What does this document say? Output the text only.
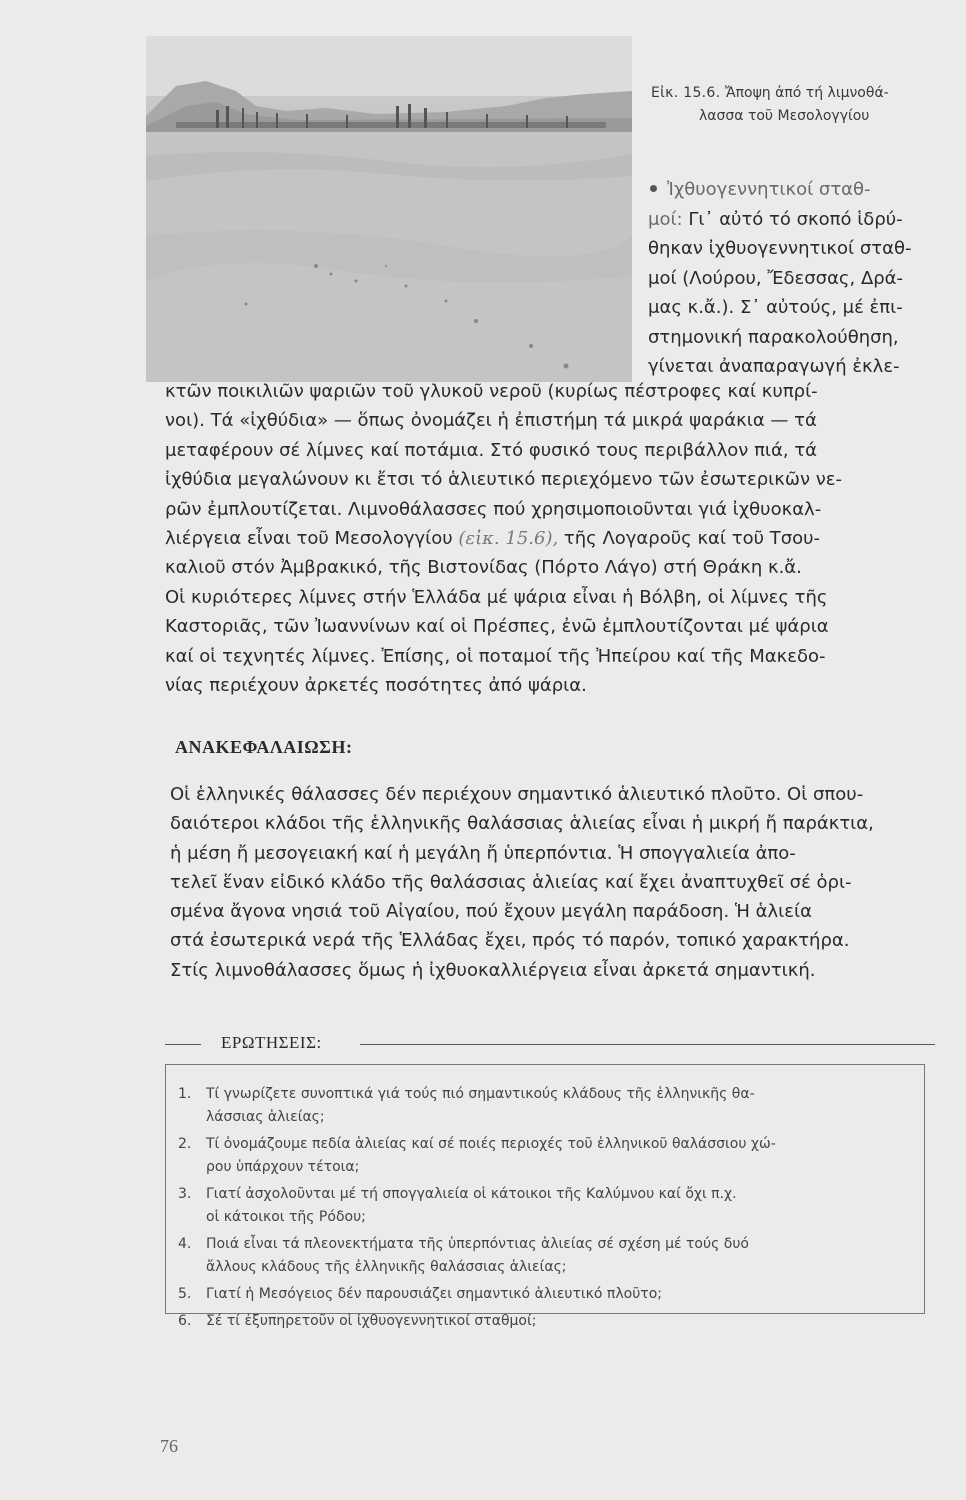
Εἰκ. 15.6. Ἄποψη ἀπό τή λιμνοθά-
λασσα τοῦ Μεσολογγίου
Ἰχθυογεννητικοί σταθ-
μοί: Γι᾽ αὐτό τό σκοπό ἱδρύ-
θηκαν ἰχθυογεννητικοί σταθ-
μοί (Λούρου, Ἔδεσσας, Δρά-
μας κ.ἄ.). Σ᾽ αὐτούς, μέ ἐπι-
στημονική παρακολούθηση,
γίνεται ἀναπαραγωγή ἐκλε-

κτῶν ποικιλιῶν ψαριῶν τοῦ γλυκοῦ νεροῦ (κυρίως πέστροφες καί κυπρί-

νοι). Τά «ἰχθύδια» — ὅπως ὀνομάζει ἡ ἐπιστήμη τά μικρά ψαράκια — τά

μεταφέρουν σέ λίμνες καί ποτάμια. Στό φυσικό τους περιβάλλον πιά, τά

ἰχθύδια μεγαλώνουν κι ἔτσι τό ἁλιευτικό περιεχόμενο τῶν ἐσωτερικῶν νε-

ρῶν ἐμπλουτίζεται. Λιμνοθάλασσες πού χρησιμοποιοῦνται γιά ἰχθυοκαλ-

λιέργεια εἶναι τοῦ Μεσολογγίου (εἰκ. 15.6), τῆς Λογαροῦς καί τοῦ Τσου-

καλιοῦ στόν Ἀμβρακικό, τῆς Βιστονίδας (Πόρτο Λάγο) στή Θράκη κ.ἄ.

Οἱ κυριότερες λίμνες στήν Ἑλλάδα μέ ψάρια εἶναι ἡ Βόλβη, οἱ λίμνες τῆς

Καστοριᾶς, τῶν Ἰωαννίνων καί οἱ Πρέσπες, ἐνῶ ἐμπλουτίζονται μέ ψάρια

καί οἱ τεχνητές λίμνες. Ἐπίσης, οἱ ποταμοί τῆς Ἠπείρου καί τῆς Μακεδο-

νίας περιέχουν ἀρκετές ποσότητες ἀπό ψάρια.

ΑΝΑΚΕΦΑΛΑΙΩΣΗ:

Οἱ ἑλληνικές θάλασσες δέν περιέχουν σημαντικό ἁλιευτικό πλοῦτο. Οἱ σπου-

δαιότεροι κλάδοι τῆς ἑλληνικῆς θαλάσσιας ἁλιείας εἶναι ἡ μικρή ἤ παράκτια,

ἡ μέση ἤ μεσογειακή καί ἡ μεγάλη ἤ ὑπερπόντια. Ἡ σπογγαλιεία ἀπο-

τελεῖ ἕναν εἰδικό κλάδο τῆς θαλάσσιας ἁλιείας καί ἔχει ἀναπτυχθεῖ σέ ὁρι-

σμένα ἄγονα νησιά τοῦ Αἰγαίου, πού ἔχουν μεγάλη παράδοση. Ἡ ἁλιεία

στά ἐσωτερικά νερά τῆς Ἑλλάδας ἔχει, πρός τό παρόν, τοπικό χαρακτήρα.

Στίς λιμνοθάλασσες ὅμως ἡ ἰχθυοκαλλιέργεια εἶναι ἀρκετά σημαντική.

ΕΡΩΤΗΣΕΙΣ:
1.	Τί γνωρίζετε συνοπτικά γιά τούς πιό σημαντικούς κλάδους τῆς ἑλληνικῆς θα-
λάσσιας ἁλιείας;
2.	Τί ὀνομάζουμε πεδία ἁλιείας καί σέ ποιές περιοχές τοῦ ἑλληνικοῦ θαλάσσιου χώ-
ρου ὑπάρχουν τέτοια;
3.	Γιατί ἀσχολοῦνται μέ τή σπογγαλιεία οἱ κάτοικοι τῆς Καλύμνου καί ὄχι π.χ.
οἱ κάτοικοι τῆς Ρόδου;
4.	Ποιά εἶναι τά πλεονεκτήματα τῆς ὑπερπόντιας ἁλιείας σέ σχέση μέ τούς δυό
ἄλλους κλάδους τῆς ἑλληνικῆς θαλάσσιας ἁλιείας;
5.	Γιατί ἡ Μεσόγειος δέν παρουσιάζει σημαντικό ἁλιευτικό πλοῦτο;
6.	Σέ τί ἐξυπηρετοῦν οἱ ἰχθυογεννητικοί σταθμοί;
76
